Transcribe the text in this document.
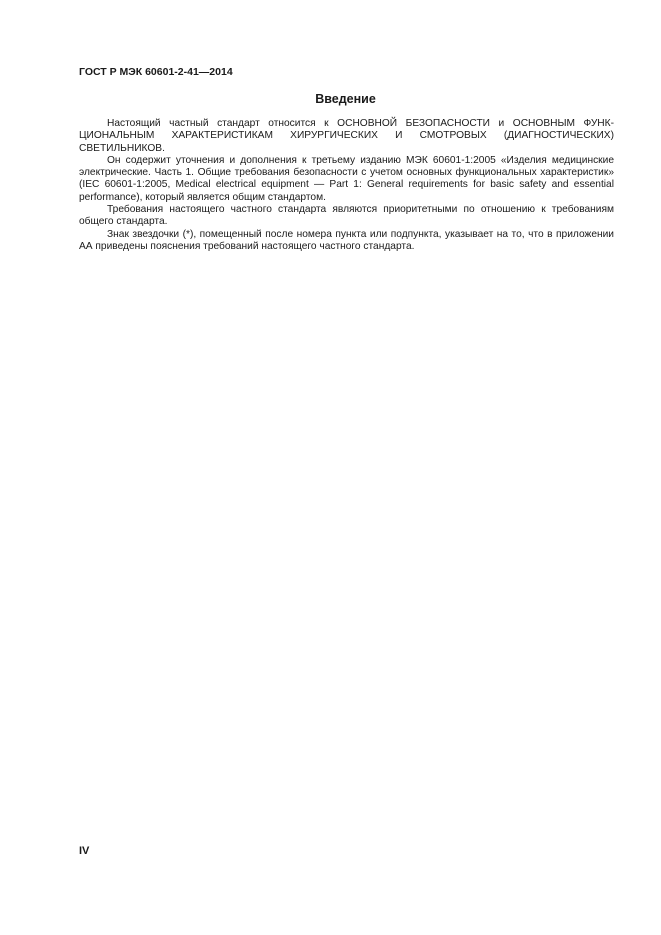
ГОСТ Р МЭК 60601-2-41—2014
Введение

Настоящий частный стандарт относится к ОСНОВНОЙ БЕЗОПАСНОСТИ и ОСНОВНЫМ ФУНКЦИОНАЛЬНЫМ ХАРАКТЕРИСТИКАМ ХИРУРГИЧЕСКИХ И СМОТРОВЫХ (ДИАГНОСТИЧЕСКИХ) СВЕТИЛЬНИКОВ.

Он содержит уточнения и дополнения к третьему изданию МЭК 60601-1:2005 «Изделия медицинские электрические. Часть 1. Общие требования безопасности с учетом основных функциональных характеристик» (IEC 60601-1:2005, Medical electrical equipment — Part 1: General requirements for basic safety and essential performance), который является общим стандартом.

Требования настоящего частного стандарта являются приоритетными по отношению к требованиям общего стандарта.

Знак звездочки (*), помещенный после номера пункта или подпункта, указывает на то, что в приложении АА приведены пояснения требований настоящего частного стандарта.

IV
